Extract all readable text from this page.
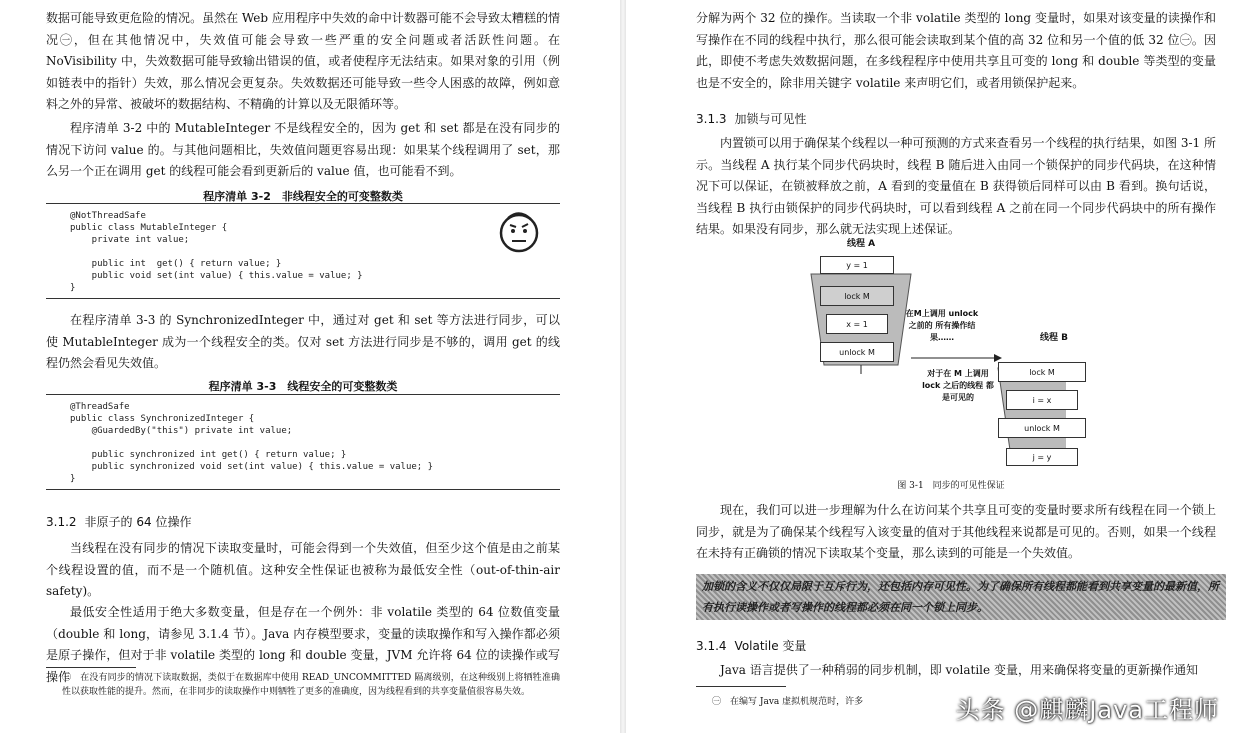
数据可能导致更危险的情况。虽然在 Web 应用程序中失效的命中计数器可能不会导致太糟糕的情况㊀，但在其他情况中，失效值可能会导致一些严重的安全问题或者活跃性问题。在 NoVisibility 中，失效数据可能导致输出错误的值，或者使程序无法结束。如果对象的引用（例如链表中的指针）失效，那么情况会更复杂。失效数据还可能导致一些令人困惑的故障，例如意料之外的异常、被破坏的数据结构、不精确的计算以及无限循环等。

程序清单 3-2 中的 MutableInteger 不是线程安全的，因为 get 和 set 都是在没有同步的情况下访问 value 的。与其他问题相比，失效值问题更容易出现：如果某个线程调用了 set，那么另一个正在调用 get 的线程可能会看到更新后的 value 值，也可能看不到。

程序清单 3-2　非线程安全的可变整数类
@NotThreadSafe
public class MutableInteger {
private int value;

public int  get() { return value; }
public void set(int value) { this.value = value; }
}

在程序清单 3-3 的 SynchronizedInteger 中，通过对 get 和 set 等方法进行同步，可以使 MutableInteger 成为一个线程安全的类。仅对 set 方法进行同步是不够的，调用 get 的线程仍然会看见失效值。

程序清单 3-3　线程安全的可变整数类
@ThreadSafe
public class SynchronizedInteger {
@GuardedBy("this") private int value;

public synchronized int get() { return value; }
public synchronized void set(int value) { this.value = value; }
}
3.1.2 非原子的 64 位操作

当线程在没有同步的情况下读取变量时，可能会得到一个失效值，但至少这个值是由之前某个线程设置的值，而不是一个随机值。这种安全性保证也被称为最低安全性（out-of-thin-air safety)。

最低安全性适用于绝大多数变量，但是存在一个例外：非 volatile 类型的 64 位数值变量（double 和 long，请参见 3.1.4 节）。Java 内存模型要求，变量的读取操作和写入操作都必须是原子操作，但对于非 volatile 类型的 long 和 double 变量，JVM 允许将 64 位的读操作或写操作

㊀　在没有同步的情况下读取数据，类似于在数据库中使用 READ_UNCOMMITTED 隔离级别，在这种级别上将牺牲准确性以获取性能的提升。然而，在非同步的读取操作中则牺牲了更多的准确度，因为线程看到的共享变量值很容易失效。

分解为两个 32 位的操作。当读取一个非 volatile 类型的 long 变量时，如果对该变量的读操作和写操作在不同的线程中执行，那么很可能会读取到某个值的高 32 位和另一个值的低 32 位㊀。因此，即使不考虑失效数据问题，在多线程程序中使用共享且可变的 long 和 double 等类型的变量也是不安全的，除非用关键字 volatile 来声明它们，或者用锁保护起来。

3.1.3 加锁与可见性

内置锁可以用于确保某个线程以一种可预测的方式来查看另一个线程的执行结果，如图 3-1 所示。当线程 A 执行某个同步代码块时，线程 B 随后进入由同一个锁保护的同步代码块，在这种情况下可以保证，在锁被释放之前，A 看到的变量值在 B 获得锁后同样可以由 B 看到。换句话说，当线程 B 执行由锁保护的同步代码块时，可以看到线程 A 之前在同一个同步代码块中的所有操作结果。如果没有同步，那么就无法实现上述保证。

线程 A
y = 1
lock M
x = 1
unlock M
在M上调用 unlock之前的 所有操作结果……	线程 B
lock M
i = x
unlock M
j = y
对于在 M 上调用 lock 之后的线程 都是可见的
图 3-1　同步的可见性保证

现在，我们可以进一步理解为什么在访问某个共享且可变的变量时要求所有线程在同一个锁上同步，就是为了确保某个线程写入该变量的值对于其他线程来说都是可见的。否则，如果一个线程在未持有正确锁的情况下读取某个变量，那么读到的可能是一个失效值。

加锁的含义不仅仅局限于互斥行为，还包括内存可见性。为了确保所有线程都能看到共享变量的最新值，所有执行读操作或者写操作的线程都必须在同一个锁上同步。
3.1.4 Volatile 变量

Java 语言提供了一种稍弱的同步机制，即 volatile 变量，用来确保将变量的更新操作通知

㊀　在编写 Java 虚拟机规范时，许多	头条 @麒麟Java工程师
